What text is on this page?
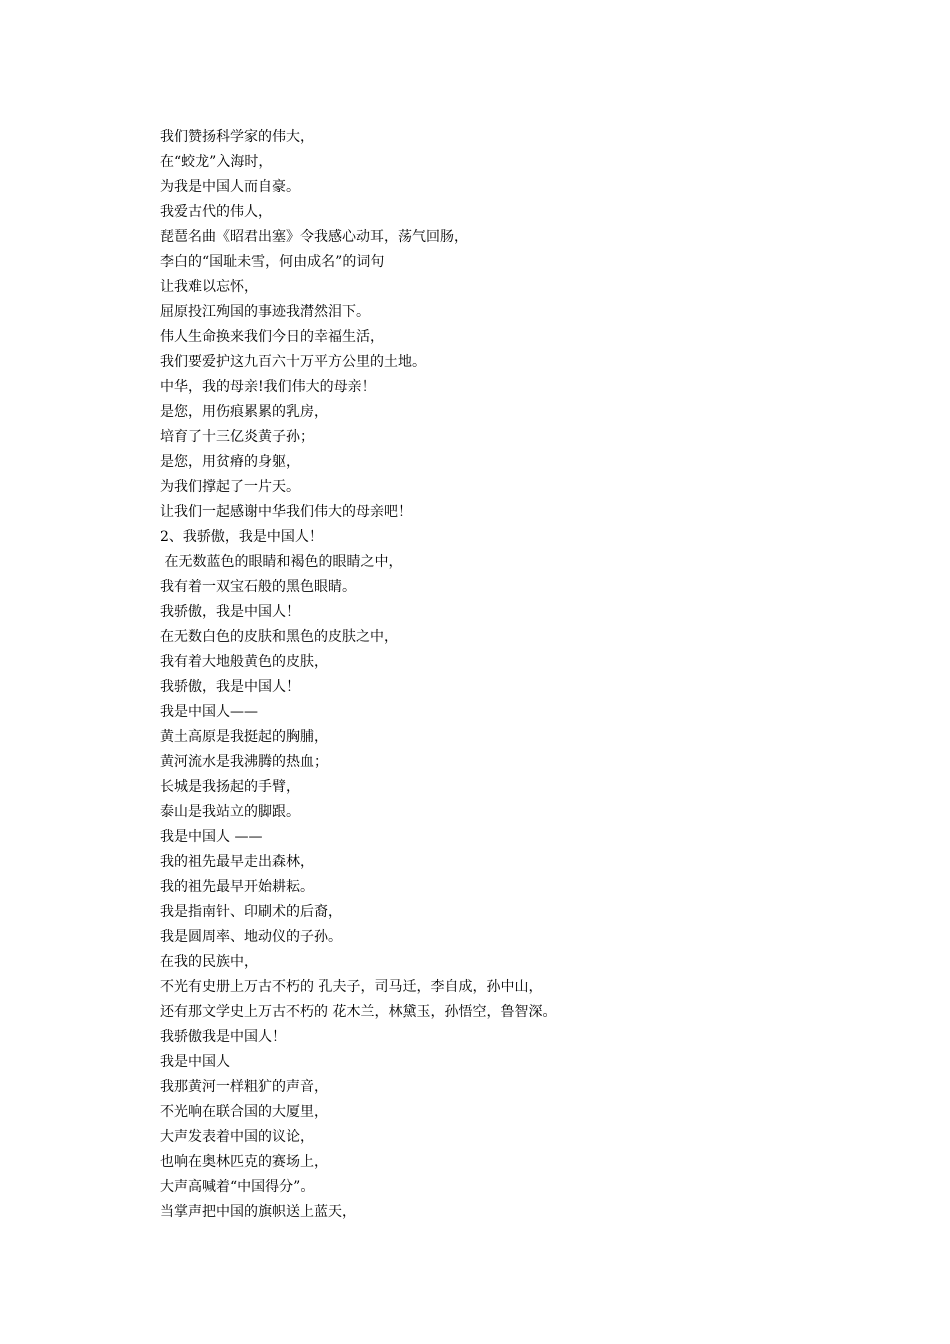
我们赞扬科学家的伟大，
在“蛟龙”入海时，
为我是中国人而自豪。
我爱古代的伟人，
琵琶名曲《昭君出塞》令我感心动耳，荡气回肠，
李白的“国耻未雪，何由成名”的词句
让我难以忘怀，
屈原投江殉国的事迹我潸然泪下。
伟人生命换来我们今日的幸福生活，
我们要爱护这九百六十万平方公里的土地。
中华，我的母亲!我们伟大的母亲！
是您，用伤痕累累的乳房，
培育了十三亿炎黄子孙；
是您，用贫瘠的身躯，
为我们撑起了一片天。
让我们一起感谢中华我们伟大的母亲吧！
2、我骄傲，我是中国人！
在无数蓝色的眼睛和褐色的眼睛之中，
我有着一双宝石般的黑色眼睛。
我骄傲，我是中国人！
在无数白色的皮肤和黑色的皮肤之中，
我有着大地般黄色的皮肤，
我骄傲，我是中国人！
我是中国人——
黄土高原是我挺起的胸脯，
黄河流水是我沸腾的热血；
长城是我扬起的手臂，
泰山是我站立的脚跟。
我是中国人 ——
我的祖先最早走出森林，
我的祖先最早开始耕耘。
我是指南针、印刷术的后裔，
我是圆周率、地动仪的子孙。
在我的民族中，
不光有史册上万古不朽的 孔夫子，司马迁，李自成，孙中山，
还有那文学史上万古不朽的 花木兰，林黛玉，孙悟空，鲁智深。
我骄傲我是中国人！
我是中国人
我那黄河一样粗犷的声音，
不光响在联合国的大厦里，
大声发表着中国的议论，
也响在奥林匹克的赛场上，
大声高喊着“中国得分”。
当掌声把中国的旗帜送上蓝天，
